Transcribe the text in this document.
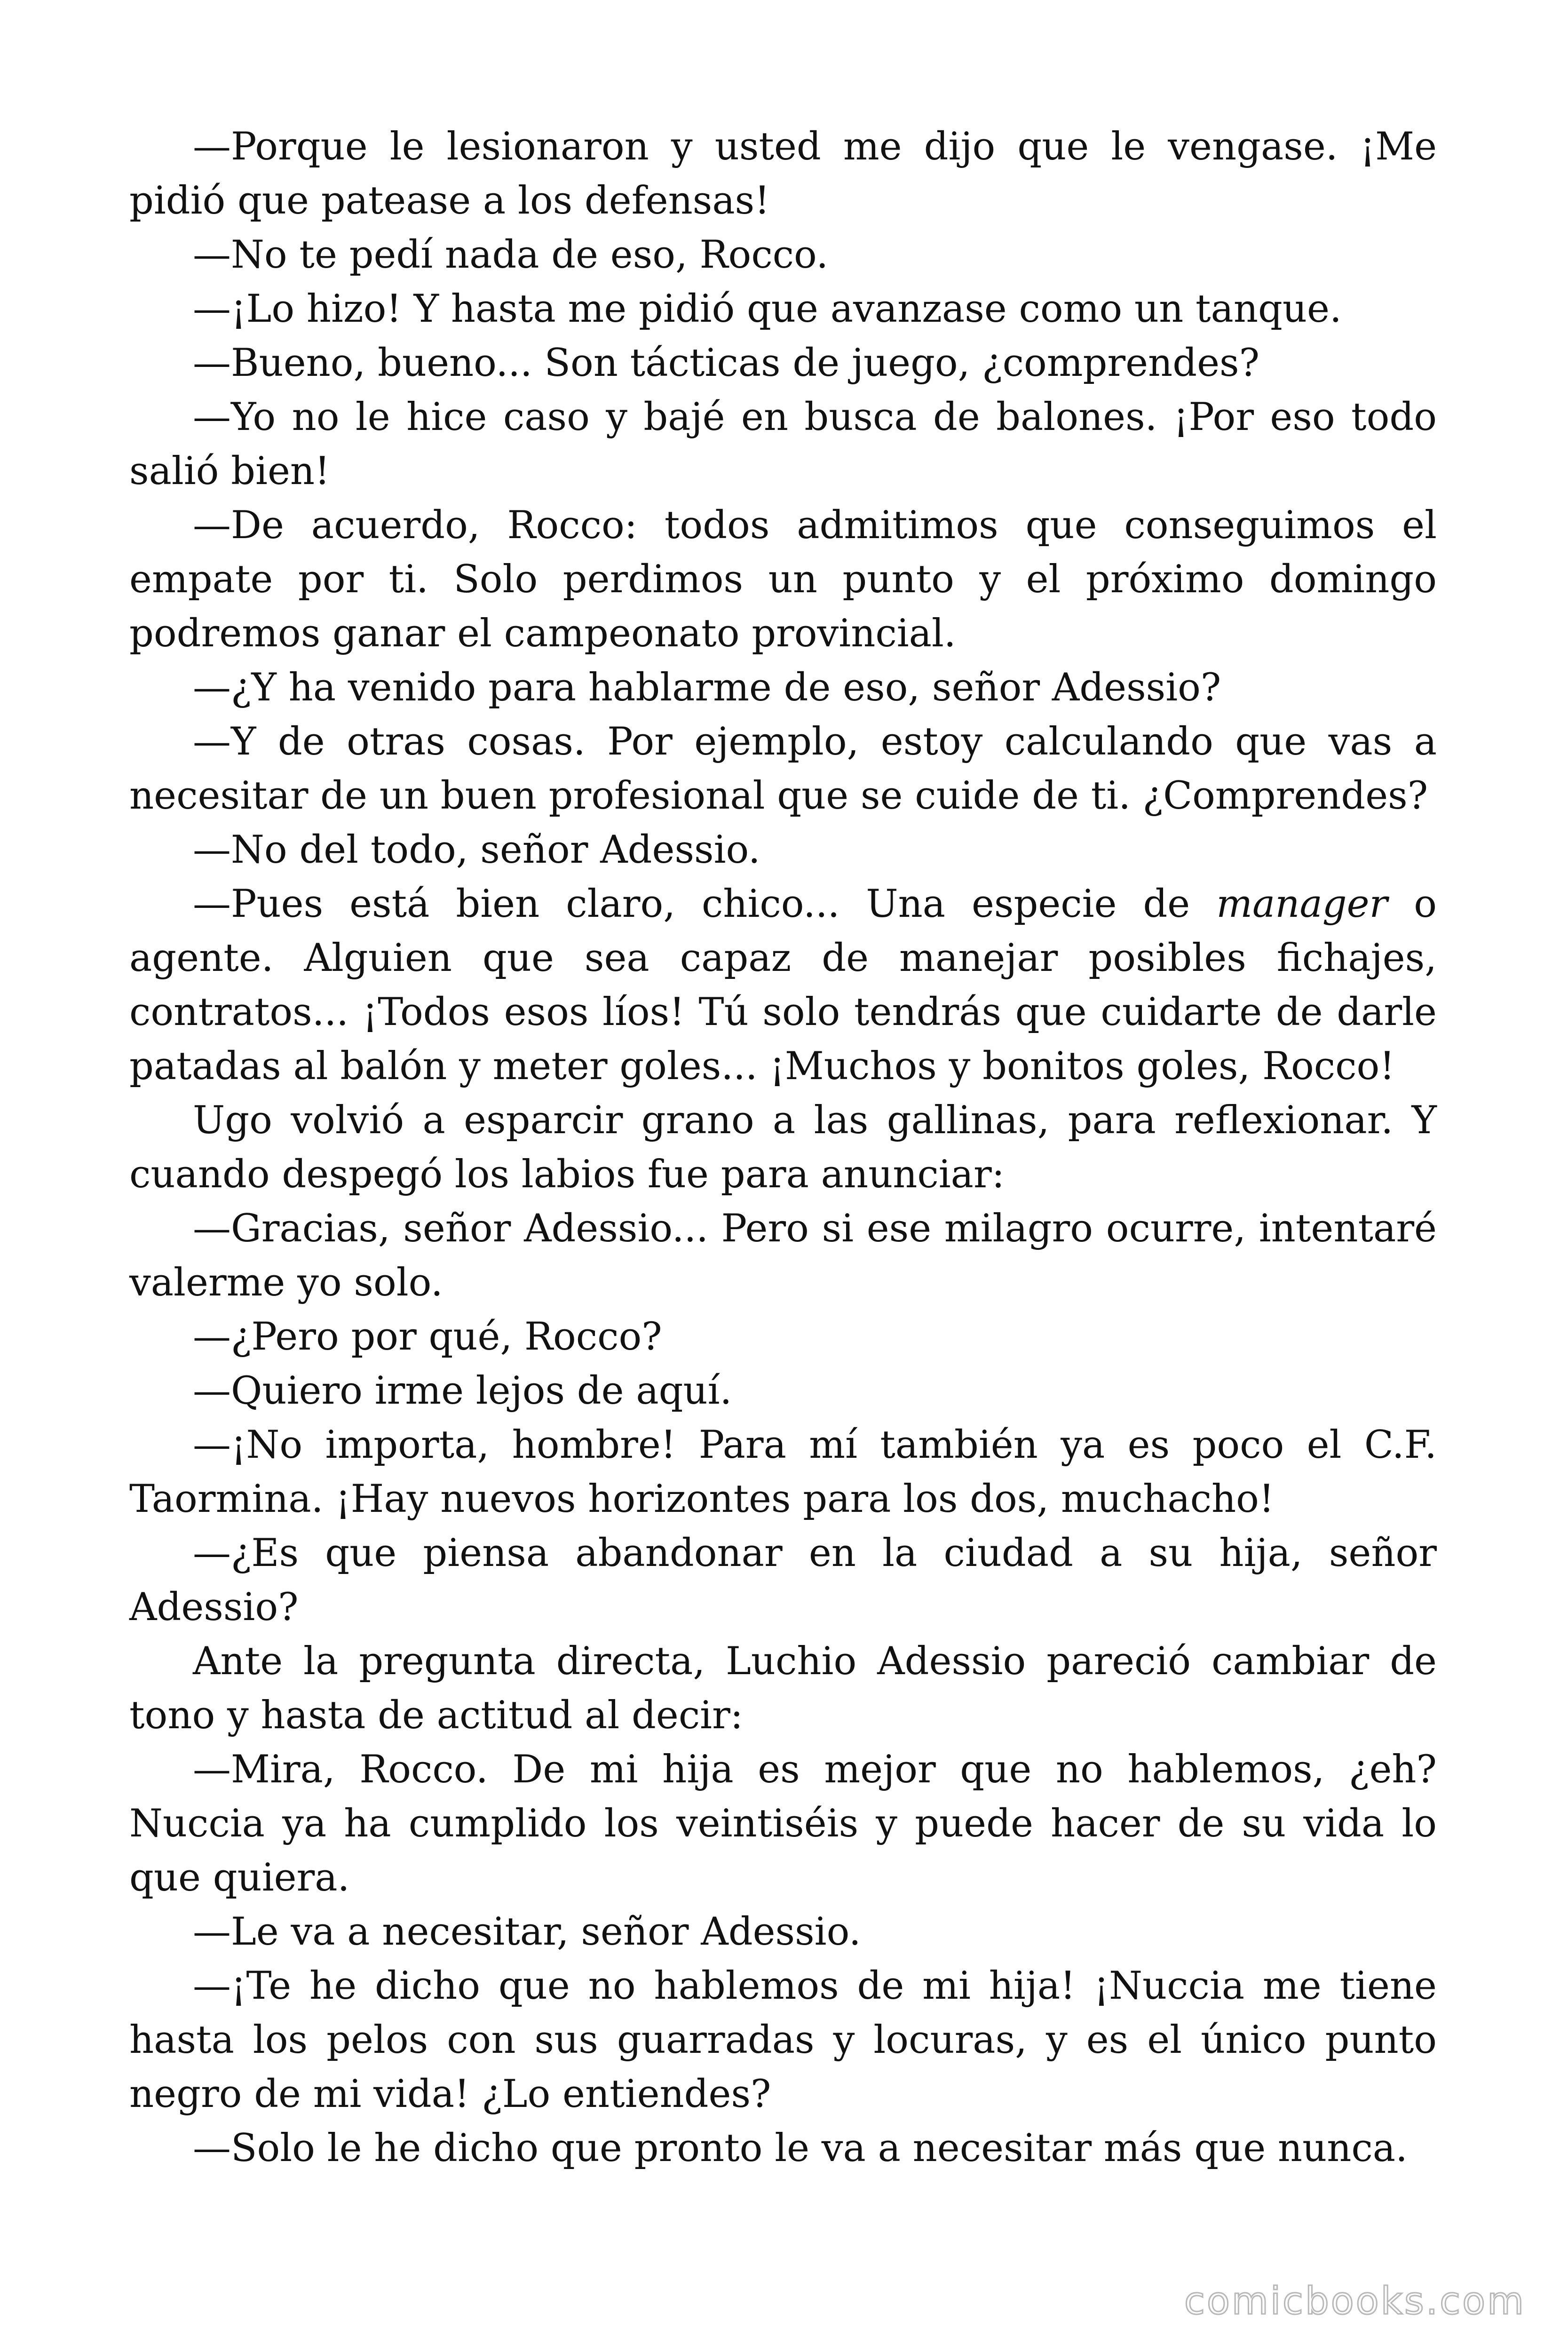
—Porque le lesionaron y usted me dijo que le vengase. ¡Me pidió que patease a los defensas!

—No te pedí nada de eso, Rocco.

—¡Lo hizo! Y hasta me pidió que avanzase como un tanque.

—Bueno, bueno... Son tácticas de juego, ¿comprendes?

—Yo no le hice caso y bajé en busca de balones. ¡Por eso todo salió bien!

—De acuerdo, Rocco: todos admitimos que conseguimos el empate por ti. Solo perdimos un punto y el próximo domingo podremos ganar el campeonato provincial.

—¿Y ha venido para hablarme de eso, señor Adessio?

—Y de otras cosas. Por ejemplo, estoy calculando que vas a necesitar de un buen profesional que se cuide de ti. ¿Comprendes?

—No del todo, señor Adessio.

—Pues está bien claro, chico... Una especie de manager o agente. Alguien que sea capaz de manejar posibles fichajes, contratos... ¡Todos esos líos! Tú solo tendrás que cuidarte de darle patadas al balón y meter goles... ¡Muchos y bonitos goles, Rocco!

Ugo volvió a esparcir grano a las gallinas, para reflexionar. Y cuando despegó los labios fue para anunciar:

—Gracias, señor Adessio... Pero si ese milagro ocurre, intentaré valerme yo solo.

—¿Pero por qué, Rocco?

—Quiero irme lejos de aquí.

—¡No importa, hombre! Para mí también ya es poco el C.F. Taormina. ¡Hay nuevos horizontes para los dos, muchacho!

—¿Es que piensa abandonar en la ciudad a su hija, señor Adessio?

Ante la pregunta directa, Luchio Adessio pareció cambiar de tono y hasta de actitud al decir:

—Mira, Rocco. De mi hija es mejor que no hablemos, ¿eh? Nuccia ya ha cumplido los veintiséis y puede hacer de su vida lo que quiera.

—Le va a necesitar, señor Adessio.

—¡Te he dicho que no hablemos de mi hija! ¡Nuccia me tiene hasta los pelos con sus guarradas y locuras, y es el único punto negro de mi vida! ¿Lo entiendes?

—Solo le he dicho que pronto le va a necesitar más que nunca.

comicbooks.com
